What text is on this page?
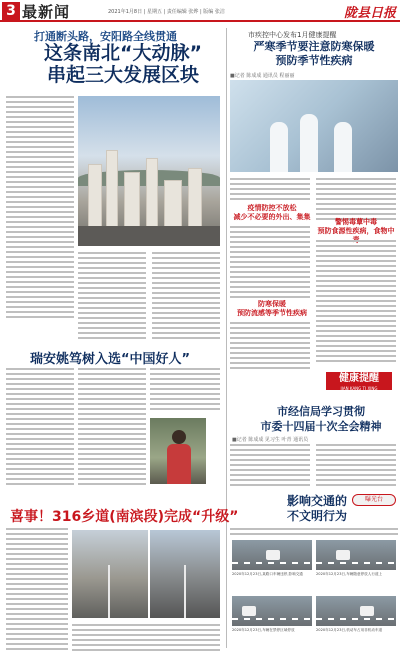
3 最新闻	2021年1月8日 | 星期五 | 责任编辑 张烨 | 版编 张洁	陇县日报
打通断头路，安阳路全线贯通
这条南北“大动脉”
串起三大发展区块
瑞安姚笃树入选“中国好人”
喜事！316乡道(南滨段)完成“升级”
市疾控中心发布1月健康提醒
严寒季节要注意防寒保暖
预防季节性疾病
■记者 陈成成 通讯员 程丽丽
疫情防控不放松
减少不必要的外出、集集
防寒保暖
预防流感等季节性疾病
警惕毒蕈中毒
预防食源性疾病，食物中
健康提醒
JIAN KANG TI XING
市经信局学习贯彻
市委十四届十次全会精神
■记者 陈成成 见习生 叶青 通讯员
影响交通的
不文明行为
曝光台
2020年12月23日,某路口车辆违停,影响交通	2020年12月23日,车辆随意停放人行道上
2020年12月23日,车辆在禁停区域停放	2020年12月23日,机动车占用非机动车道
